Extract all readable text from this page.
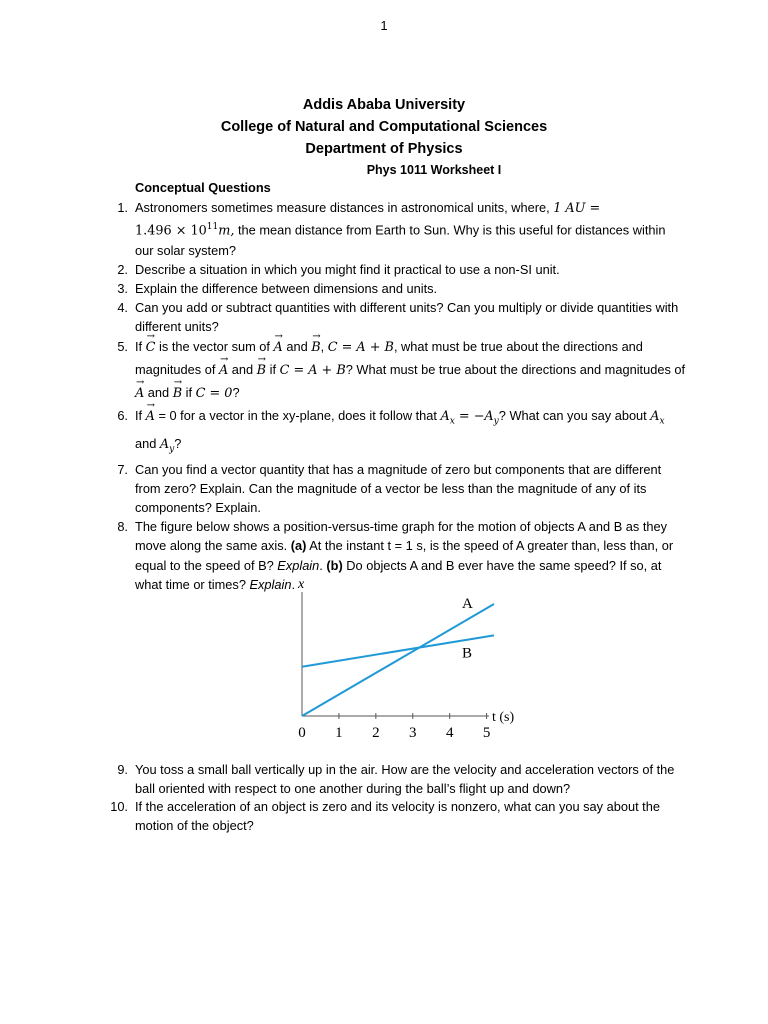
1
Addis Ababa University
College of Natural and Computational Sciences
Department of Physics
Phys 1011 Worksheet I
Conceptual Questions
1. Astronomers sometimes measure distances in astronomical units, where, 1 AU =
$1.496 \times 10^{11}m$, the mean distance from Earth to Sun. Why is this useful for distances within our solar system?
2. Describe a situation in which you might find it practical to use a non-SI unit.
3. Explain the difference between dimensions and units.
4. Can you add or subtract quantities with different units? Can you multiply or divide quantities with different units?
5. If → C is the vector sum of → A and → B, C = A + B, what must be true about the directions and magnitudes of → A and → B if C = A + B? What must be true about the directions and magnitudes of → A and → B if C = 0?
6. If → A = 0 for a vector in the xy-plane, does it follow that $A_x = -A_y$? What can you say about $A_x$ and $A_y$?
7. Can you find a vector quantity that has a magnitude of zero but components that are different from zero? Explain. Can the magnitude of a vector be less than the magnitude of any of its components? Explain.
8. The figure below shows a position-versus-time graph for the motion of objects A and B as they move along the same axis. (a) At the instant t = 1 s, is the speed of A greater than, less than, or equal to the speed of B? Explain. (b) Do objects A and B ever have the same speed? If so, at what time or times? Explain. x
t (s)
0 1 2 3 4 5
A
B
9. You toss a small ball vertically up in the air. How are the velocity and acceleration vectors of the ball oriented with respect to one another during the ball’s flight up and down?
10. If the acceleration of an object is zero and its velocity is nonzero, what can you say about the motion of the object?
